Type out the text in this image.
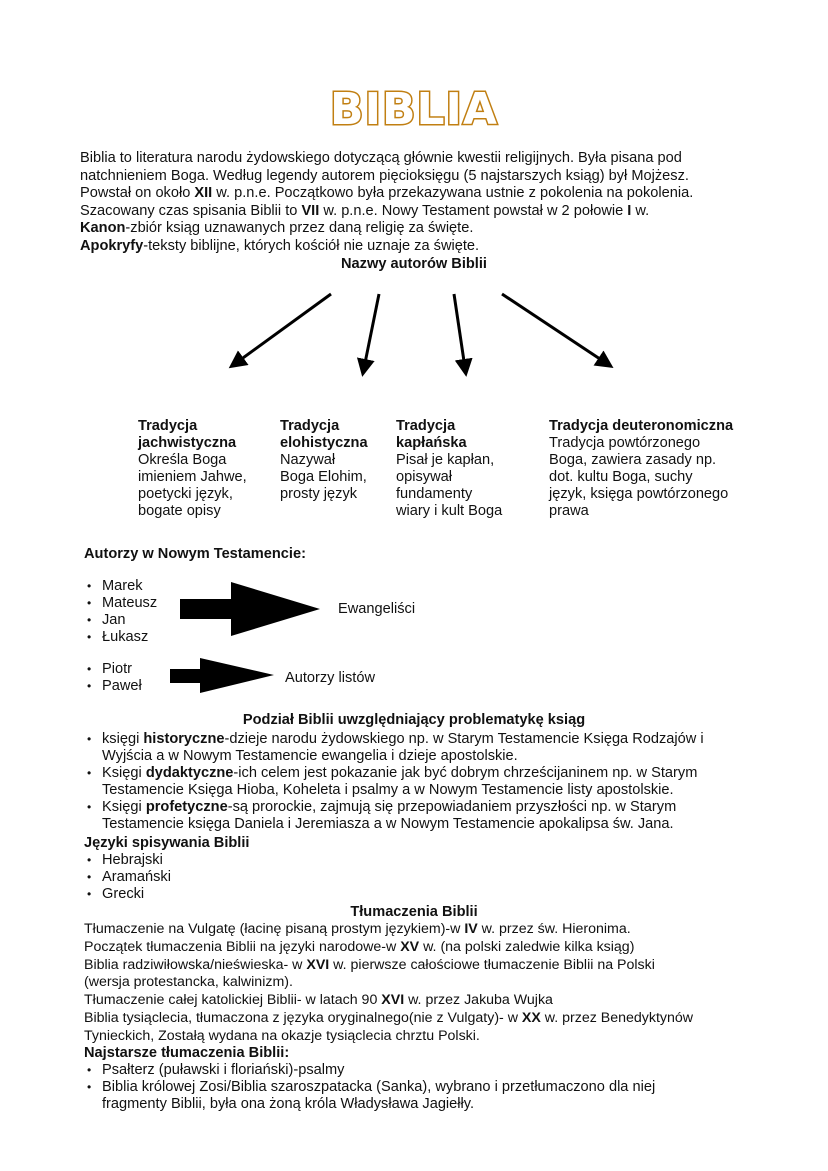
BIBLIA
Biblia to literatura narodu żydowskiego dotyczącą głównie kwestii religijnych. Była pisana pod
natchnieniem Boga. Według legendy autorem pięcioksięgu (5 najstarszych ksiąg) był Mojżesz.
Powstał on około XII w. p.n.e. Początkowo była przekazywana ustnie z pokolenia na pokolenia.
Szacowany czas spisania Biblii to VII w. p.n.e. Nowy Testament powstał w 2 połowie I w.
Kanon-zbiór ksiąg uznawanych przez daną religię za święte.
Apokryfy-teksty biblijne, których kościół nie uznaje za święte.
Nazwy autorów Biblii
Tradycja
jachwistyczna
Określa Boga
imieniem Jahwe,
poetycki język,
bogate opisy
Tradycja
elohistyczna
Nazywał
Boga Elohim,
prosty język
Tradycja
kapłańska
Pisał je kapłan,
opisywał
fundamenty
wiary i kult Boga
Tradycja deuteronomiczna
Tradycja powtórzonego
Boga, zawiera zasady np.
dot. kultu Boga, suchy
język, księga powtórzonego
prawa
Autorzy w Nowym Testamencie:
• Marek
• Mateusz
• Jan
• Łukasz
Ewangeliści
• Piotr
• Paweł	Autorzy listów
Podział Biblii uwzględniający problematykę ksiąg
• księgi historyczne-dzieje narodu żydowskiego np. w Starym Testamencie Księga Rodzajów i
Wyjścia a w Nowym Testamencie ewangelia i dzieje apostolskie.
• Księgi dydaktyczne-ich celem jest pokazanie jak być dobrym chrześcijaninem np. w Starym
Testamencie Księga Hioba, Koheleta i psalmy a w Nowym Testamencie listy apostolskie.
• Księgi profetyczne-są prorockie, zajmują się przepowiadaniem przyszłości np. w Starym
Testamencie księga Daniela i Jeremiasza a w Nowym Testamencie apokalipsa św. Jana.
Języki spisywania Biblii
• Hebrajski
• Aramański
• Grecki
Tłumaczenia Biblii
Tłumaczenie na Vulgatę (łacinę pisaną prostym językiem)-w IV w. przez św. Hieronima.
Początek tłumaczenia Biblii na języki narodowe-w XV w. (na polski zaledwie kilka ksiąg)
Biblia radziwiłowska/nieświeska- w XVI w. pierwsze całościowe tłumaczenie Biblii na Polski
(wersja protestancka, kalwinizm).
Tłumaczenie całej katolickiej Biblii- w latach 90 XVI w. przez Jakuba Wujka
Biblia tysiąclecia, tłumaczona z języka oryginalnego(nie z Vulgaty)- w XX w. przez Benedyktynów
Tynieckich, Zostałą wydana na okazje tysiąclecia chrztu Polski.
Najstarsze tłumaczenia Biblii:
• Psałterz (puławski i floriański)-psalmy
• Biblia królowej Zosi/Biblia szaroszpatacka (Sanka), wybrano i przetłumaczono dla niej
fragmenty Biblii, była ona żoną króla Władysława Jagiełły.
